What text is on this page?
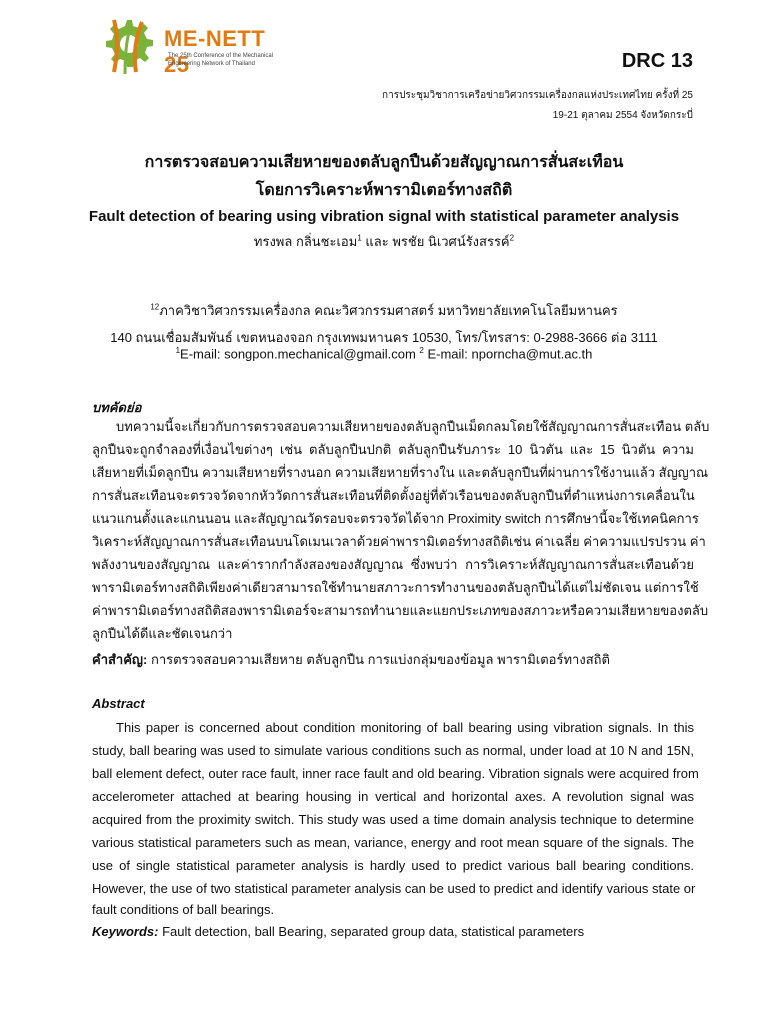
ME-NETT 25
The 25th Conference of the Mechanical
Engineering Network of Thailand	DRC 13
การประชุมวิชาการเครือข่ายวิศวกรรมเครื่องกลแห่งประเทศไทย ครั้งที่ 25
19-21 ตุลาคม 2554 จังหวัดกระบี่
การตรวจสอบความเสียหายของตลับลูกปืนด้วยสัญญาณการสั่นสะเทือน
โดยการวิเคราะห์พารามิเตอร์ทางสถิติ
Fault detection of bearing using vibration signal with statistical parameter analysis
ทรงพล กลิ่นชะเอม$^1$ และ พรชัย นิเวศน์รังสรรค์$^2$
$^{12}$ภาควิชาวิศวกรรมเครื่องกล คณะวิศวกรรมศาสตร์ มหาวิทยาลัยเทคโนโลยีมหานคร
140 ถนนเชื่อมสัมพันธ์ เขตหนองจอก กรุงเทพมหานคร 10530, โทร/โทรสาร: 0-2988-3666 ต่อ 3111
$^1$E-mail: songpon.mechanical@gmail.com $^2$ E-mail: npornch​a@mut.ac.th
บทคัดย่อ
บทความนี้จะเกี่ยวกับการตรวจสอบความเสียหายของตลับลูกปืนเม็ดกลมโดยใช้สัญญาณการสั่นสะเทือน ตลับ
ลูกปืนจะถูกจำลองที่เงื่อนไขต่างๆ เช่น ตลับลูกปืนปกติ ตลับลูกปืนรับภาระ 10 นิวตัน และ 15 นิวตัน ความ
เสียหายที่เม็ดลูกปืน ความเสียหายที่รางนอก ความเสียหายที่รางใน และตลับลูกปืนที่ผ่านการใช้งานแล้ว สัญญาณ
การสั่นสะเทือนจะตรวจวัดจากหัววัดการสั่นสะเทือนที่ติดตั้งอยู่ที่ตัวเรือนของตลับลูกปืนที่ตำแหน่งการเคลื่อนใน
แนวแกนตั้งและแกนนอน และสัญญาณวัดรอบจะตรวจวัดได้จาก Proximity switch การศึกษานี้จะใช้เทคนิคการ
วิเคราะห์สัญญาณการสั่นสะเทือนบนโดเมนเวลาด้วยค่าพารามิเตอร์ทางสถิติเช่น ค่าเฉลี่ย ค่าความแปรปรวน ค่า
พลังงานของสัญญาณ และค่ารากกำลังสองของสัญญาณ ซึ่งพบว่า การวิเคราะห์สัญญาณการสั่นสะเทือนด้วย
พารามิเตอร์ทางสถิติเพียงค่าเดียวสามารถใช้ทำนายสภาวะการทำงานของตลับลูกปืนได้แต่ไม่ชัดเจน แต่การใช้
ค่าพารามิเตอร์ทางสถิติสองพารามิเตอร์จะสามารถทำนายและแยกประเภทของสภาวะหรือความเสียหายของตลับ
ลูกปืนได้ดีและชัดเจนกว่า
คำสำคัญ: การตรวจสอบความเสียหาย ตลับลูกปืน การแบ่งกลุ่มของข้อมูล พารามิเตอร์ทางสถิติ
Abstract
This paper is concerned about condition monitoring of ball bearing using vibration signals. In this
study, ball bearing was used to simulate various conditions such as normal, under load at 10 N and 15N,
ball element defect, outer race fault, inner race fault and old bearing. Vibration signals were acquired from
accelerometer attached at bearing housing in vertical and horizontal axes. A revolution signal was
acquired from the proximity switch. This study was used a time domain analysis technique to determine
various statistical parameters such as mean, variance, energy and root mean square of the signals. The
use of single statistical parameter analysis is hardly used to predict various ball bearing conditions.
However, the use of two statistical parameter analysis can be used to predict and identify various state or
fault conditions of ball bearings.
Keywords: Fault detection, ball Bearing, separated group data, statistical parameters
